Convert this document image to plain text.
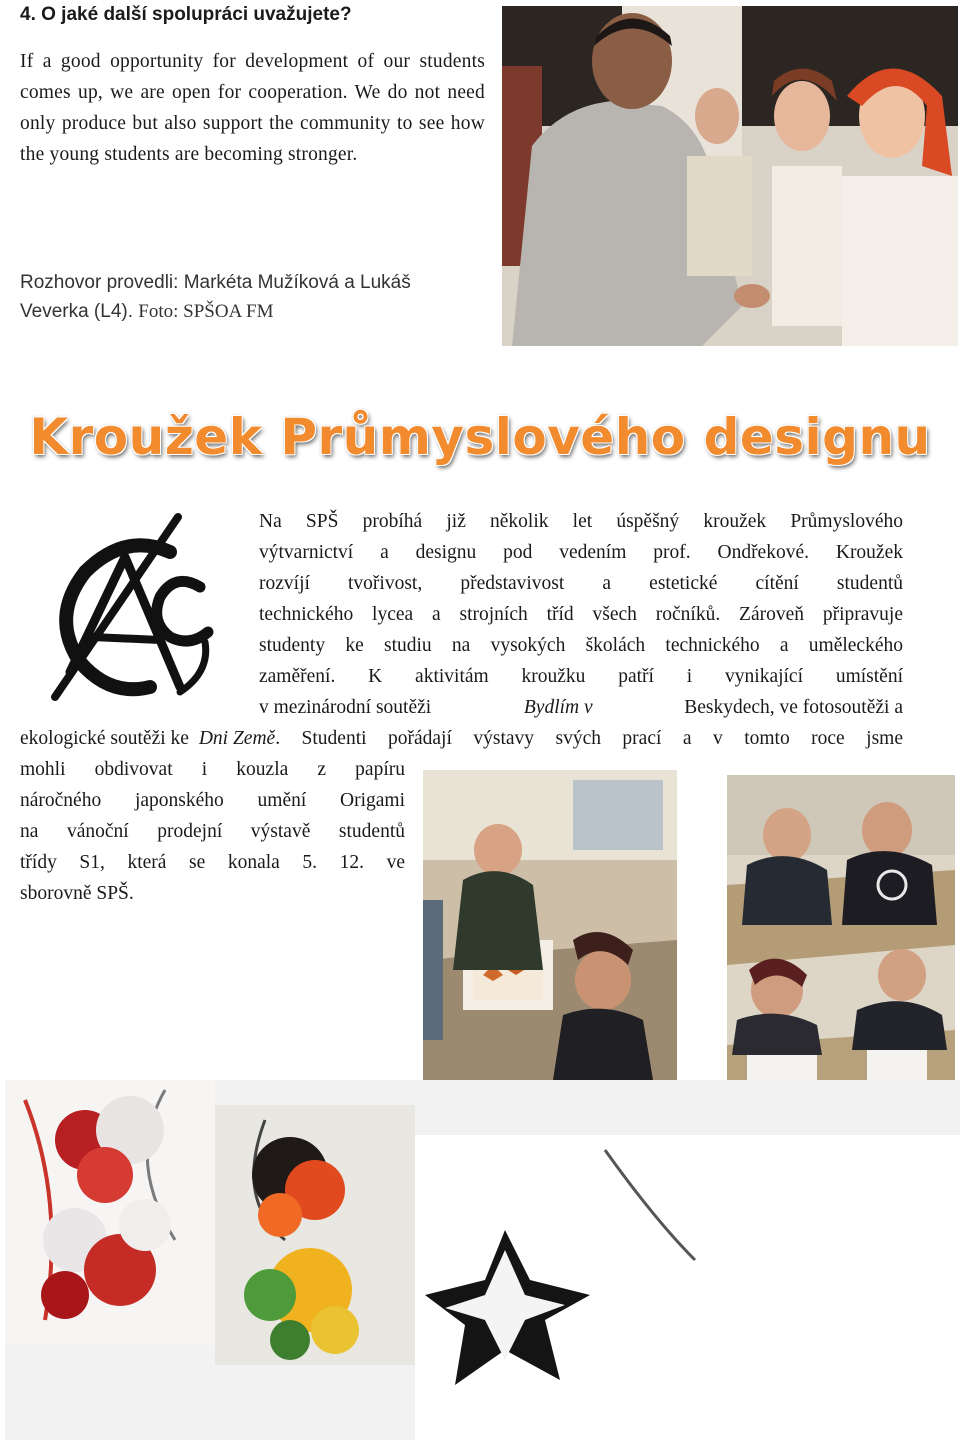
4. O jaké další spolupráci uvažujete?
If a good opportunity for development of our students comes up, we are open for cooperation. We do not need only produce but also support the community to see how the young students are becoming stronger.
Rozhovor provedli: Markéta Mužíková a Lukáš Veverka (L4). Foto: SPŠOA FM
Kroužek Průmyslového designu
Na SPŠ probíhá již několik let úspěšný kroužek Průmyslového
výtvarnictví a designu pod vedením prof. Ondřekové. Kroužek
rozvíjí tvořivost, představivost a estetické cítění studentů
technického lycea a strojních tříd všech ročníků. Zároveň připravuje
studenty ke studiu na vysokých školách technického a uměleckého
zaměření. K aktivitám kroužku patří i vynikající umístění
v mezinárodní soutěži	Bydlím v	Beskydech, ve fotosoutěži a
ekologické soutěži ke Dni Země . Studenti pořádají výstavy svých prací a v tomto roce jsme
mohli obdivovat i kouzla z papíru
náročného japonského umění Origami
na vánoční prodejní výstavě studentů
třídy S1, která se konala 5. 12. ve
sborovně SPŠ.
